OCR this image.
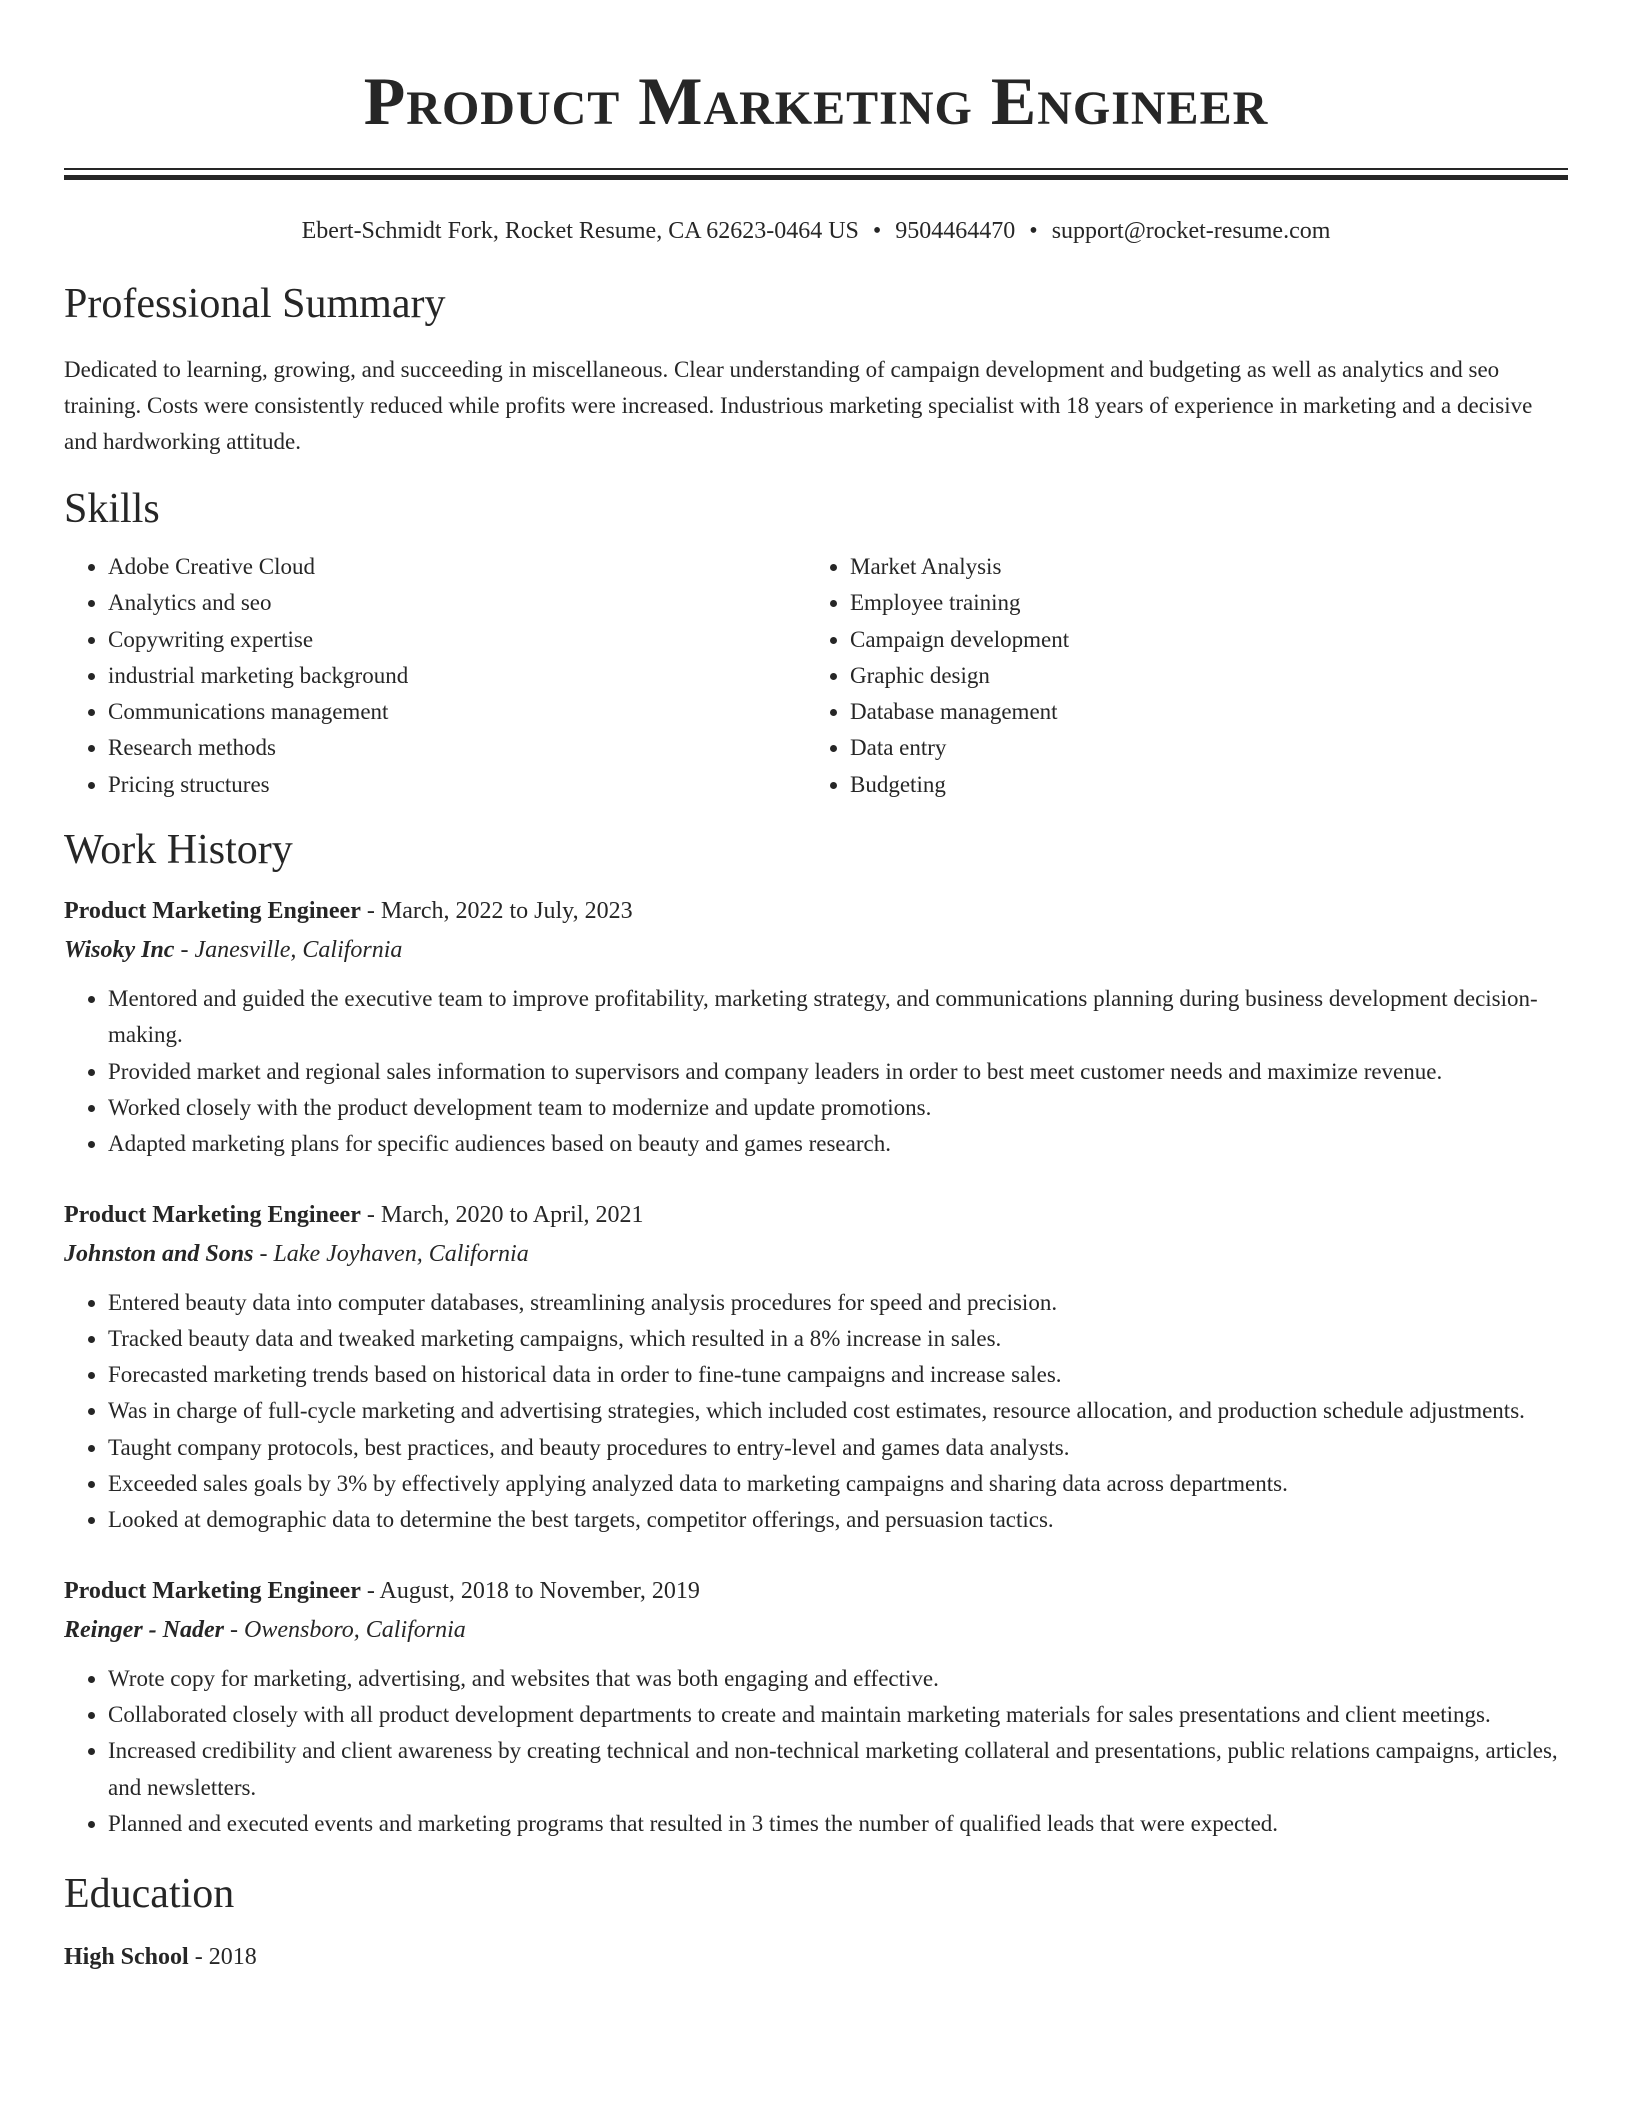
Product Marketing Engineer
Ebert-Schmidt Fork, Rocket Resume, CA 62623-0464 US • 9504464470 • support@rocket-resume.com
Professional Summary

Dedicated to learning, growing, and succeeding in miscellaneous. Clear understanding of campaign development and budgeting as well as analytics and seo training. Costs were consistently reduced while profits were increased. Industrious marketing specialist with 18 years of experience in marketing and a decisive and hardworking attitude.

Skills
• Adobe Creative Cloud
• Analytics and seo
• Copywriting expertise
• industrial marketing background
• Communications management
• Research methods
• Pricing structures
• Market Analysis
• Employee training
• Campaign development
• Graphic design
• Database management
• Data entry
• Budgeting
Work History
Product Marketing Engineer - March, 2022 to July, 2023
Wisoky Inc - Janesville, California
• Mentored and guided the executive team to improve profitability, marketing strategy, and communications planning during business development decision-making.
• Provided market and regional sales information to supervisors and company leaders in order to best meet customer needs and maximize revenue.
• Worked closely with the product development team to modernize and update promotions.
• Adapted marketing plans for specific audiences based on beauty and games research.
Product Marketing Engineer - March, 2020 to April, 2021
Johnston and Sons - Lake Joyhaven, California
• Entered beauty data into computer databases, streamlining analysis procedures for speed and precision.
• Tracked beauty data and tweaked marketing campaigns, which resulted in a 8% increase in sales.
• Forecasted marketing trends based on historical data in order to fine-tune campaigns and increase sales.
• Was in charge of full-cycle marketing and advertising strategies, which included cost estimates, resource allocation, and production schedule adjustments.
• Taught company protocols, best practices, and beauty procedures to entry-level and games data analysts.
• Exceeded sales goals by 3% by effectively applying analyzed data to marketing campaigns and sharing data across departments.
• Looked at demographic data to determine the best targets, competitor offerings, and persuasion tactics.
Product Marketing Engineer - August, 2018 to November, 2019
Reinger - Nader - Owensboro, California
• Wrote copy for marketing, advertising, and websites that was both engaging and effective.
• Collaborated closely with all product development departments to create and maintain marketing materials for sales presentations and client meetings.
• Increased credibility and client awareness by creating technical and non-technical marketing collateral and presentations, public relations campaigns, articles, and newsletters.
• Planned and executed events and marketing programs that resulted in 3 times the number of qualified leads that were expected.
Education
High School - 2018
